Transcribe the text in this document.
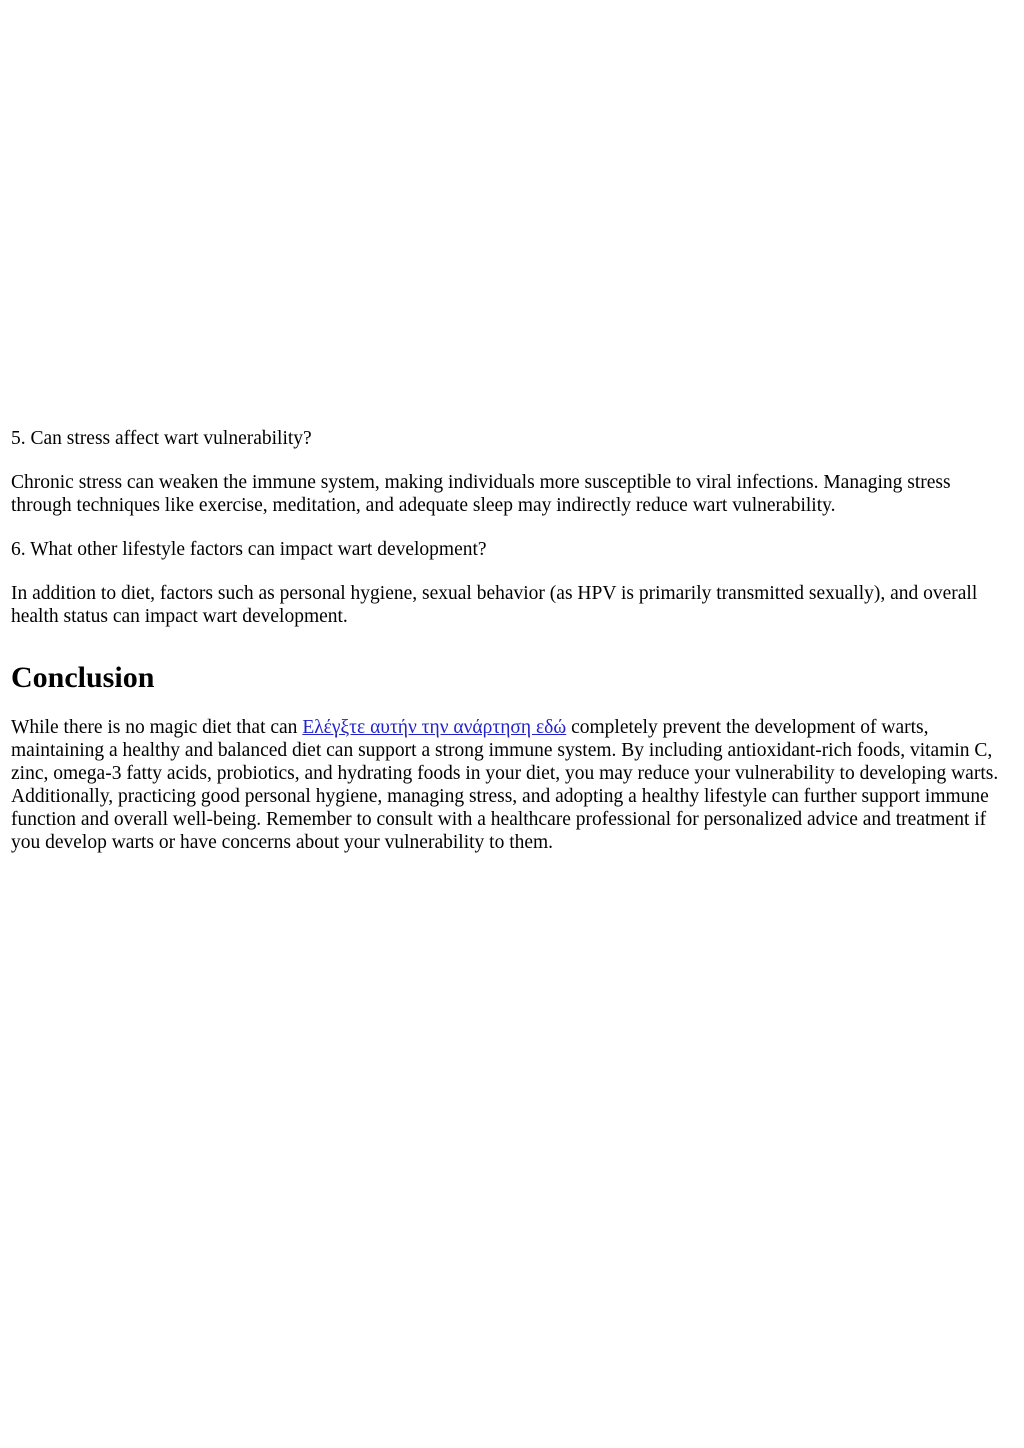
5. Can stress affect wart vulnerability?

Chronic stress can weaken the immune system, making individuals more susceptible to viral infections. Managing stress through techniques like exercise, meditation, and adequate sleep may indirectly reduce wart vulnerability.

6. What other lifestyle factors can impact wart development?

In addition to diet, factors such as personal hygiene, sexual behavior (as HPV is primarily transmitted sexually), and overall health status can impact wart development.

Conclusion

While there is no magic diet that can Ελέγξτε αυτήν την ανάρτηση εδώ completely prevent the development of warts, maintaining a healthy and balanced diet can support a strong immune system. By including antioxidant-rich foods, vitamin C, zinc, omega-3 fatty acids, probiotics, and hydrating foods in your diet, you may reduce your vulnerability to developing warts. Additionally, practicing good personal hygiene, managing stress, and adopting a healthy lifestyle can further support immune function and overall well-being. Remember to consult with a healthcare professional for personalized advice and treatment if you develop warts or have concerns about your vulnerability to them.
